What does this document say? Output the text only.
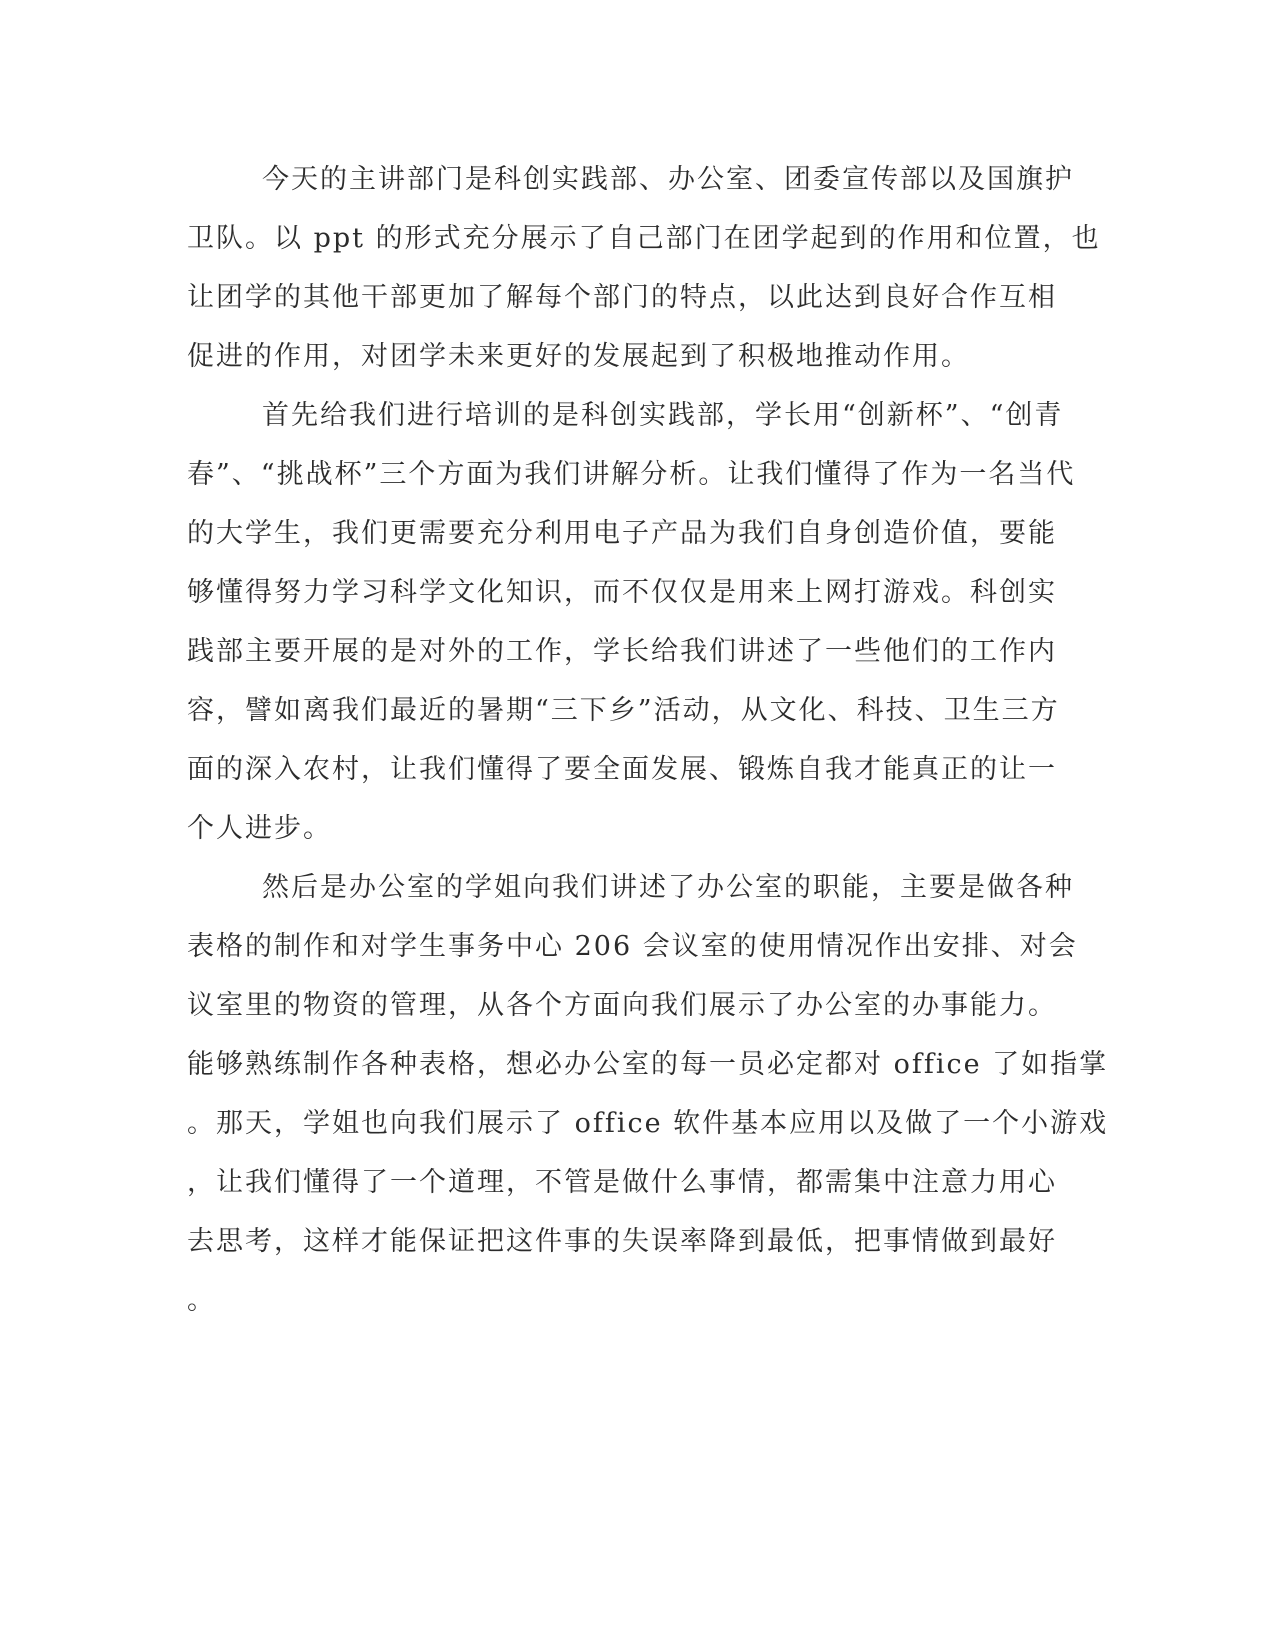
今天的主讲部门是科创实践部、办公室、团委宣传部以及国旗护
卫队。以 ppt 的形式充分展示了自己部门在团学起到的作用和位置，也
让团学的其他干部更加了解每个部门的特点，以此达到良好合作互相
促进的作用，对团学未来更好的发展起到了积极地推动作用。
首先给我们进行培训的是科创实践部，学长用“创新杯”、“创青
春”、“挑战杯”三个方面为我们讲解分析。让我们懂得了作为一名当代
的大学生，我们更需要充分利用电子产品为我们自身创造价值，要能
够懂得努力学习科学文化知识，而不仅仅是用来上网打游戏。科创实
践部主要开展的是对外的工作，学长给我们讲述了一些他们的工作内
容，譬如离我们最近的暑期“三下乡”活动，从文化、科技、卫生三方
面的深入农村，让我们懂得了要全面发展、锻炼自我才能真正的让一
个人进步。
然后是办公室的学姐向我们讲述了办公室的职能，主要是做各种
表格的制作和对学生事务中心 206 会议室的使用情况作出安排、对会
议室里的物资的管理，从各个方面向我们展示了办公室的办事能力。
能够熟练制作各种表格，想必办公室的每一员必定都对 office 了如指掌
。那天，学姐也向我们展示了 office 软件基本应用以及做了一个小游戏
，让我们懂得了一个道理，不管是做什么事情，都需集中注意力用心
去思考，这样才能保证把这件事的失误率降到最低，把事情做到最好
。
